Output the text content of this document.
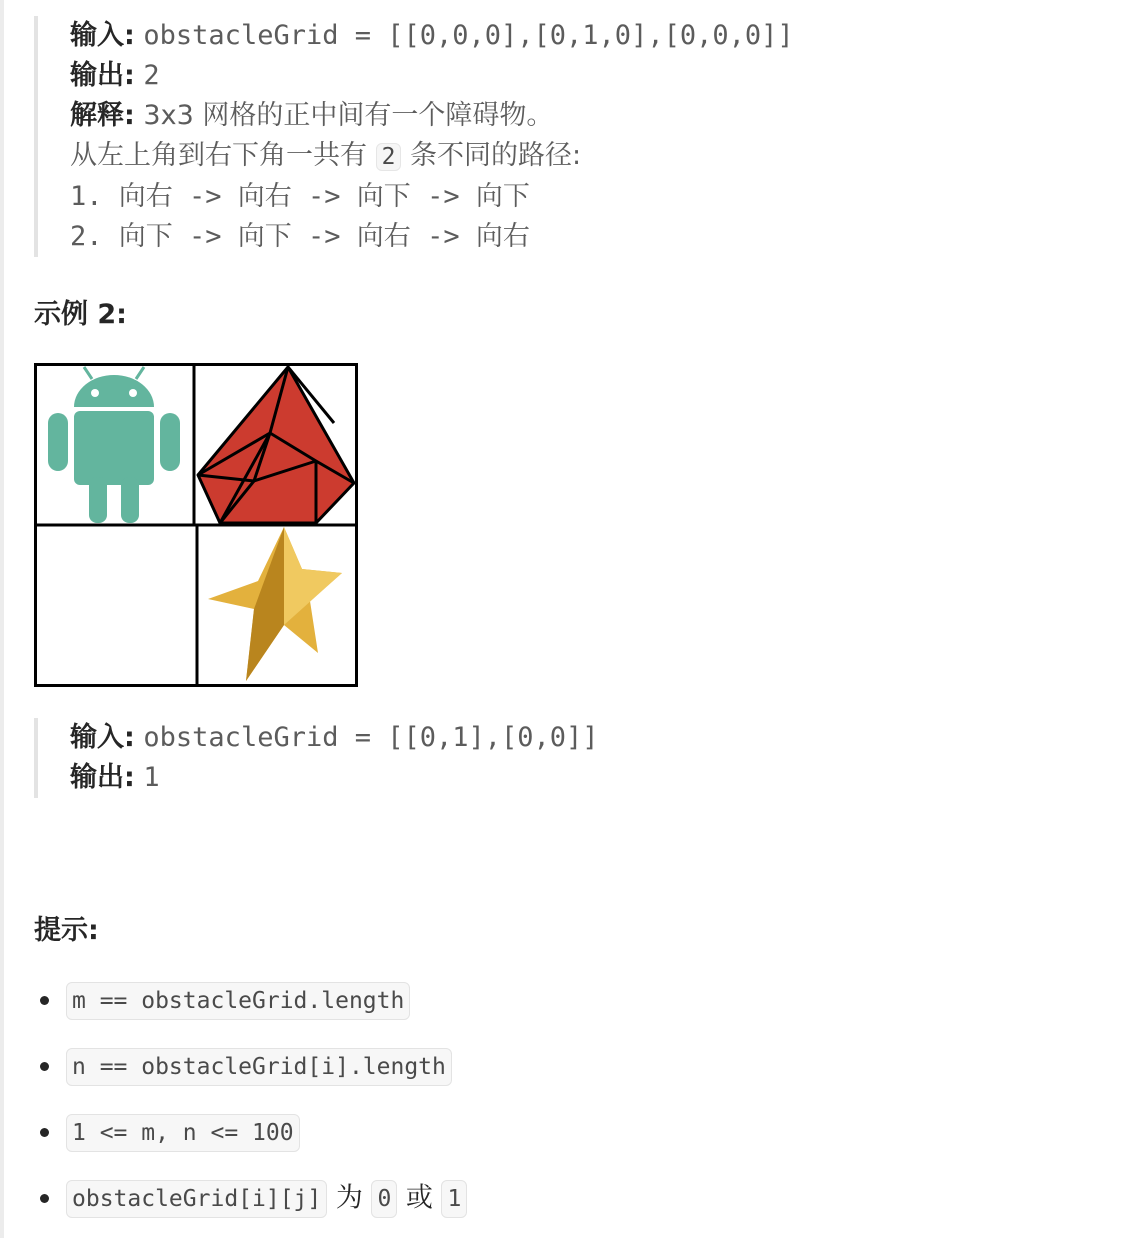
输入: obstacleGrid = [[0,0,0],[0,1,0],[0,0,0]]
输出: 2
解释: 3x3 网格的正中间有一个障碍物。
从左上角到右下角一共有 2 条不同的路径:
1. 向右 -> 向右 -> 向下 -> 向下
2. 向下 -> 向下 -> 向右 -> 向右
示例 2:
输入: obstacleGrid = [[0,1],[0,0]]
输出: 1
提示:
m == obstacleGrid.length
n == obstacleGrid[i].length
1 <= m, n <= 100
obstacleGrid[i][j] 为 0 或 1
